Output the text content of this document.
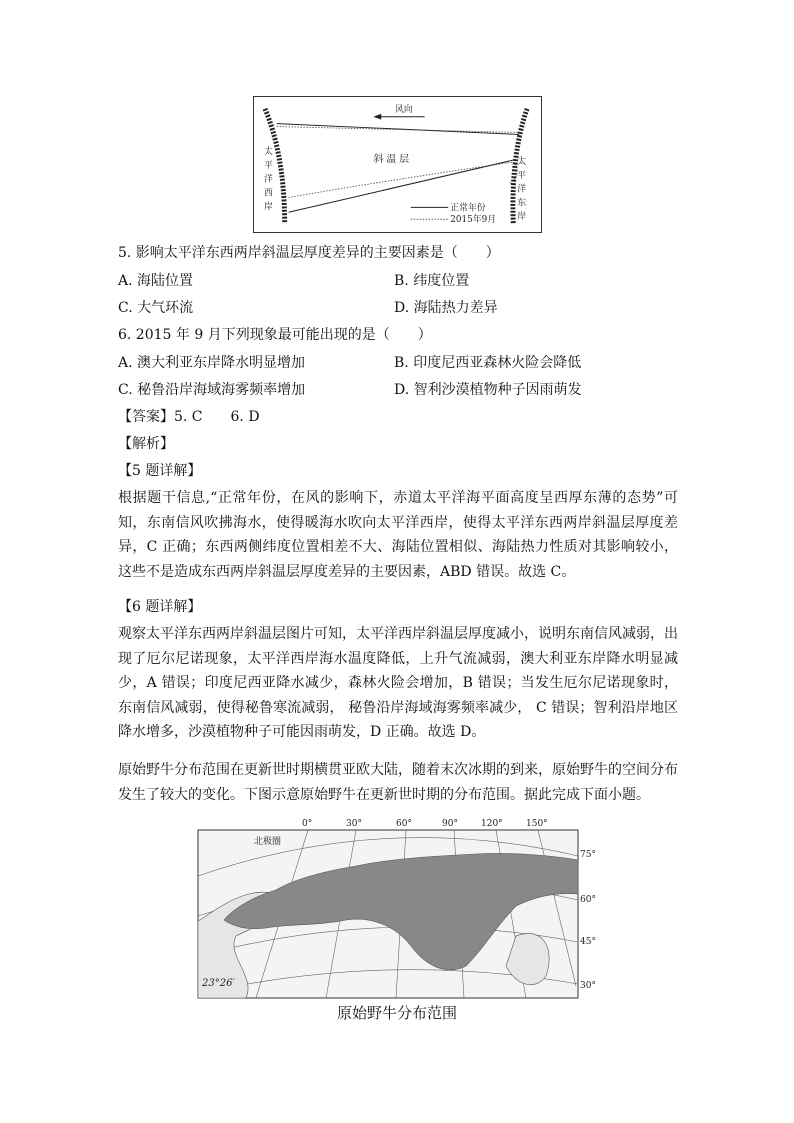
风向
斜 温 层
太
平
洋
西
岸
太
平
洋
东
岸
正常年份
2015年9月
5. 影响太平洋东西两岸斜温层厚度差异的主要因素是（　　）
A. 海陆位置	B. 纬度位置
C. 大气环流	D. 海陆热力差异
6. 2015 年 9 月下列现象最可能出现的是（　　）
A. 澳大利亚东岸降水明显增加	B. 印度尼西亚森林火险会降低
C. 秘鲁沿岸海域海雾频率增加	D. 智利沙漠植物种子因雨萌发
【答案】5. C　　6. D
【解析】
【5 题详解】
根据题干信息,“正常年份，在风的影响下，赤道太平洋海平面高度呈西厚东薄的态势”可知，东南信风吹拂海水，使得暖海水吹向太平洋西岸，使得太平洋东西两岸斜温层厚度差异，C 正确；东西两侧纬度位置相差不大、海陆位置相似、海陆热力性质对其影响较小，这些不是造成东西两岸斜温层厚度差异的主要因素，ABD 错误。故选 C。
【6 题详解】
观察太平洋东西两岸斜温层图片可知，太平洋西岸斜温层厚度减小，说明东南信风减弱，出现了厄尔尼诺现象，太平洋西岸海水温度降低，上升气流减弱，澳大利亚东岸降水明显减少，A 错误；印度尼西亚降水减少，森林火险会增加，B 错误；当发生厄尔尼诺现象时，东南信风减弱，使得秘鲁寒流减弱， 秘鲁沿岸海域海雾频率减少， C 错误；智利沿岸地区降水增多，沙漠植物种子可能因雨萌发，D 正确。故选 D。
原始野牛分布范围在更新世时期横贯亚欧大陆，随着末次冰期的到来，原始野牛的空间分布发生了较大的变化。下图示意原始野牛在更新世时期的分布范围。据此完成下面小题。
0°	30°	60°	90°	120°	150°
75°
60°
45°
30°
北极圈
23°26′
原始野牛分布范围
